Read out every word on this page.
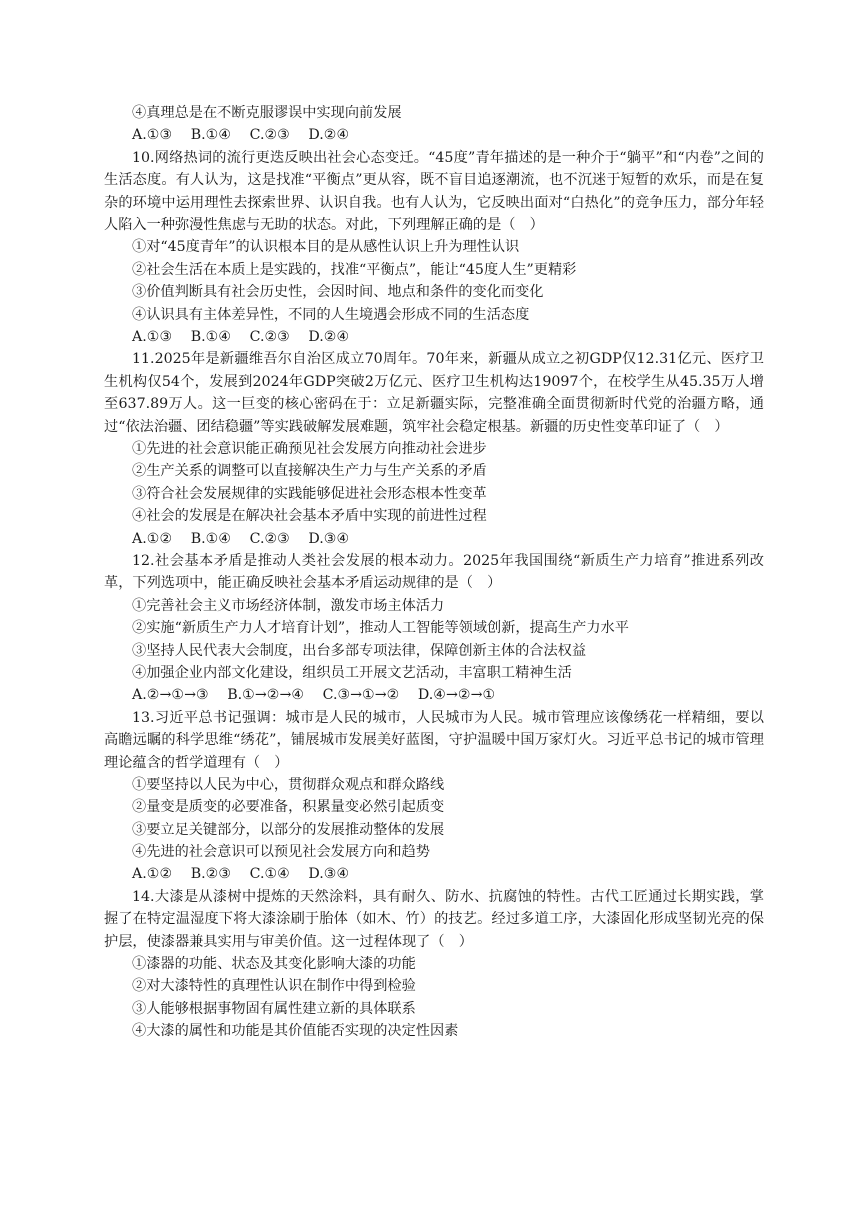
④真理总是在不断克服谬误中实现向前发展
A.①③ B.①④ C.②③ D.②④
10.网络热词的流行更迭反映出社会心态变迁。“45度”青年描述的是一种介于“躺平”和“内卷”之间的生活态度。有人认为，这是找准“平衡点”更从容，既不盲目追逐潮流，也不沉迷于短暂的欢乐，而是在复杂的环境中运用理性去探索世界、认识自我。也有人认为，它反映出面对“白热化”的竞争压力，部分年轻人陷入一种弥漫性焦虑与无助的状态。对此，下列理解正确的是（　）
①对“45度青年”的认识根本目的是从感性认识上升为理性认识
②社会生活在本质上是实践的，找准“平衡点”，能让“45度人生”更精彩
③价值判断具有社会历史性，会因时间、地点和条件的变化而变化
④认识具有主体差异性，不同的人生境遇会形成不同的生活态度
A.①③ B.①④ C.②③ D.②④
11.2025年是新疆维吾尔自治区成立70周年。70年来，新疆从成立之初GDP仅12.31亿元、医疗卫生机构仅54个，发展到2024年GDP突破2万亿元、医疗卫生机构达19097个，在校学生从45.35万人增至637.89万人。这一巨变的核心密码在于：立足新疆实际，完整准确全面贯彻新时代党的治疆方略，通过“依法治疆、团结稳疆”等实践破解发展难题，筑牢社会稳定根基。新疆的历史性变革印证了（　）
①先进的社会意识能正确预见社会发展方向推动社会进步
②生产关系的调整可以直接解决生产力与生产关系的矛盾
③符合社会发展规律的实践能够促进社会形态根本性变革
④社会的发展是在解决社会基本矛盾中实现的前进性过程
A.①② B.①④ C.②③ D.③④
12.社会基本矛盾是推动人类社会发展的根本动力。2025年我国围绕“新质生产力培育”推进系列改革，下列选项中，能正确反映社会基本矛盾运动规律的是（　）
①完善社会主义市场经济体制，激发市场主体活力
②实施“新质生产力人才培育计划”，推动人工智能等领域创新，提高生产力水平
③坚持人民代表大会制度，出台多部专项法律，保障创新主体的合法权益
④加强企业内部文化建设，组织员工开展文艺活动，丰富职工精神生活
A.②→①→③ B.①→②→④ C.③→①→② D.④→②→①
13.习近平总书记强调：城市是人民的城市，人民城市为人民。城市管理应该像绣花一样精细，要以高瞻远瞩的科学思维“绣花”，铺展城市发展美好蓝图，守护温暖中国万家灯火。习近平总书记的城市管理理论蕴含的哲学道理有（　）
①要坚持以人民为中心，贯彻群众观点和群众路线
②量变是质变的必要准备，积累量变必然引起质变
③要立足关键部分，以部分的发展推动整体的发展
④先进的社会意识可以预见社会发展方向和趋势
A.①② B.②③ C.①④ D.③④
14.大漆是从漆树中提炼的天然涂料，具有耐久、防水、抗腐蚀的特性。古代工匠通过长期实践，掌握了在特定温湿度下将大漆涂刷于胎体（如木、竹）的技艺。经过多道工序，大漆固化形成坚韧光亮的保护层，使漆器兼具实用与审美价值。这一过程体现了（　）
①漆器的功能、状态及其变化影响大漆的功能
②对大漆特性的真理性认识在制作中得到检验
③人能够根据事物固有属性建立新的具体联系
④大漆的属性和功能是其价值能否实现的决定性因素
